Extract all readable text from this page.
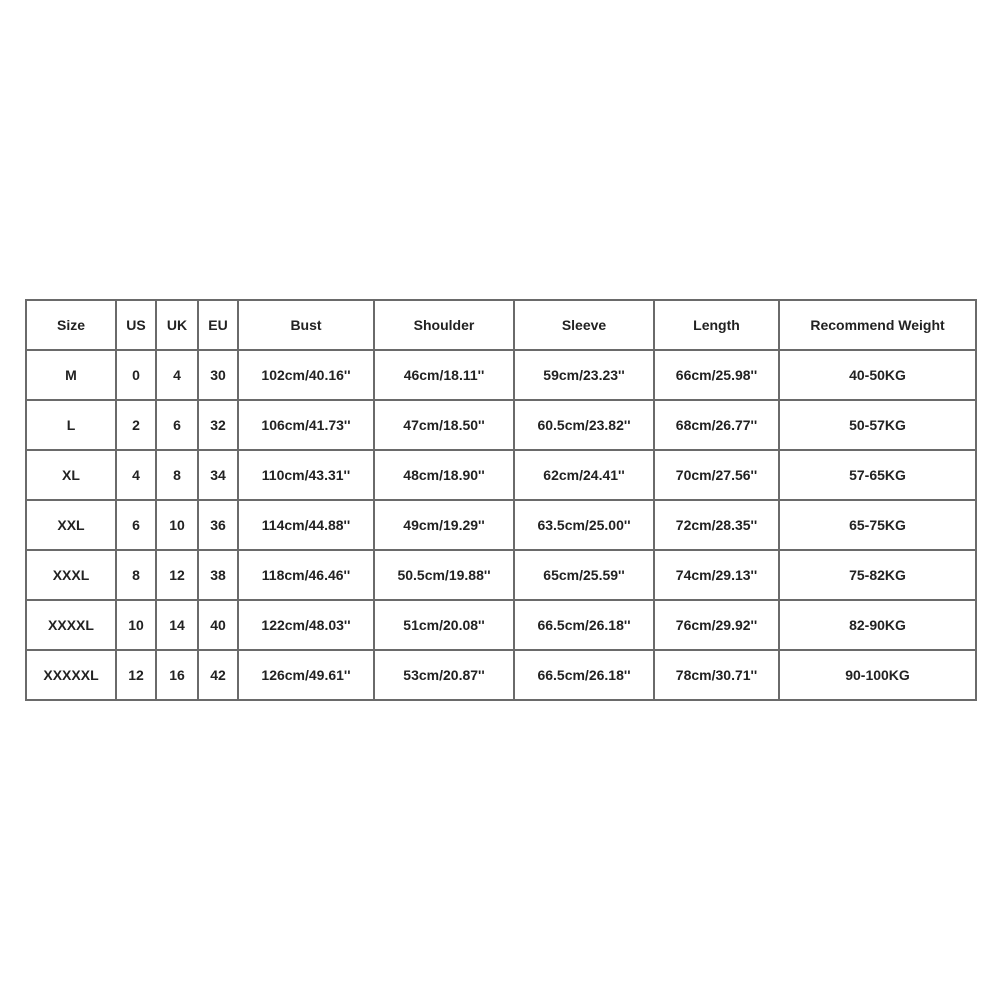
Size	US	UK	EU	Bust	Shoulder	Sleeve	Length	Recommend Weight
M	0	4	30	102cm/40.16''	46cm/18.11''	59cm/23.23''	66cm/25.98''	40-50KG
L	2	6	32	106cm/41.73''	47cm/18.50''	60.5cm/23.82''	68cm/26.77''	50-57KG
XL	4	8	34	110cm/43.31''	48cm/18.90''	62cm/24.41''	70cm/27.56''	57-65KG
XXL	6	10	36	114cm/44.88''	49cm/19.29''	63.5cm/25.00''	72cm/28.35''	65-75KG
XXXL	8	12	38	118cm/46.46''	50.5cm/19.88''	65cm/25.59''	74cm/29.13''	75-82KG
XXXXL	10	14	40	122cm/48.03''	51cm/20.08''	66.5cm/26.18''	76cm/29.92''	82-90KG
XXXXXL	12	16	42	126cm/49.61''	53cm/20.87''	66.5cm/26.18''	78cm/30.71''	90-100KG
